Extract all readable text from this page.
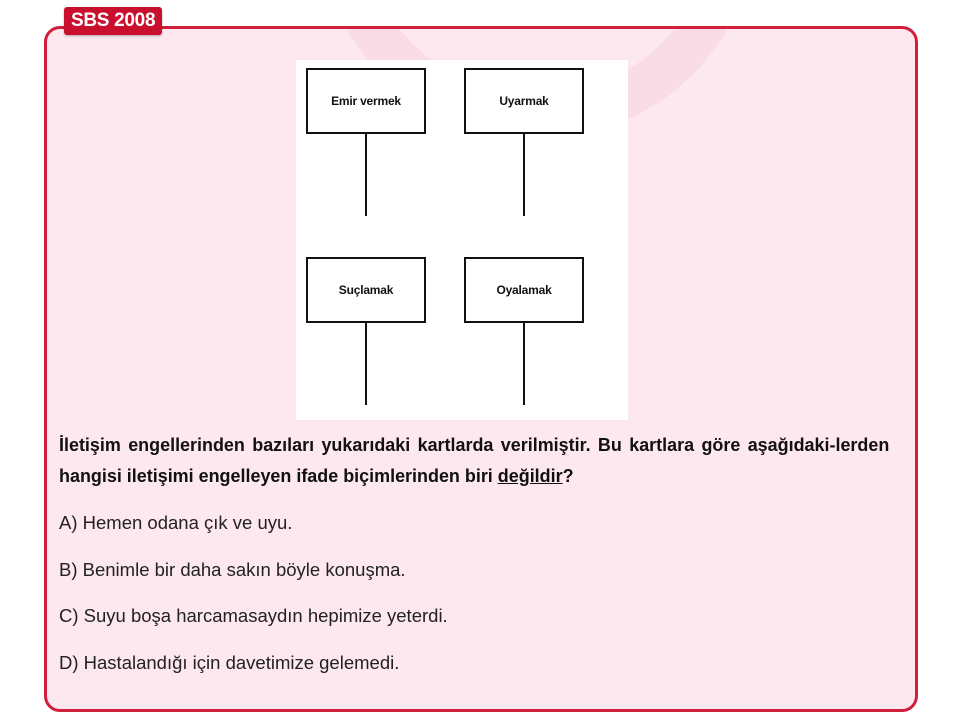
Emir vermek	Uyarmak
Suçlamak	Oyalamak
İletişim engellerinden bazıları yukarıdaki kartlarda verilmiştir. Bu kartlara göre aşağıdaki-lerden hangisi iletişimi engelleyen ifade biçimlerinden biri değildir?
A) Hemen odana çık ve uyu.
B) Benimle bir daha sakın böyle konuşma.
C) Suyu boşa harcamasaydın hepimize yeterdi.
D) Hastalandığı için davetimize gelemedi.
SBS 2008
